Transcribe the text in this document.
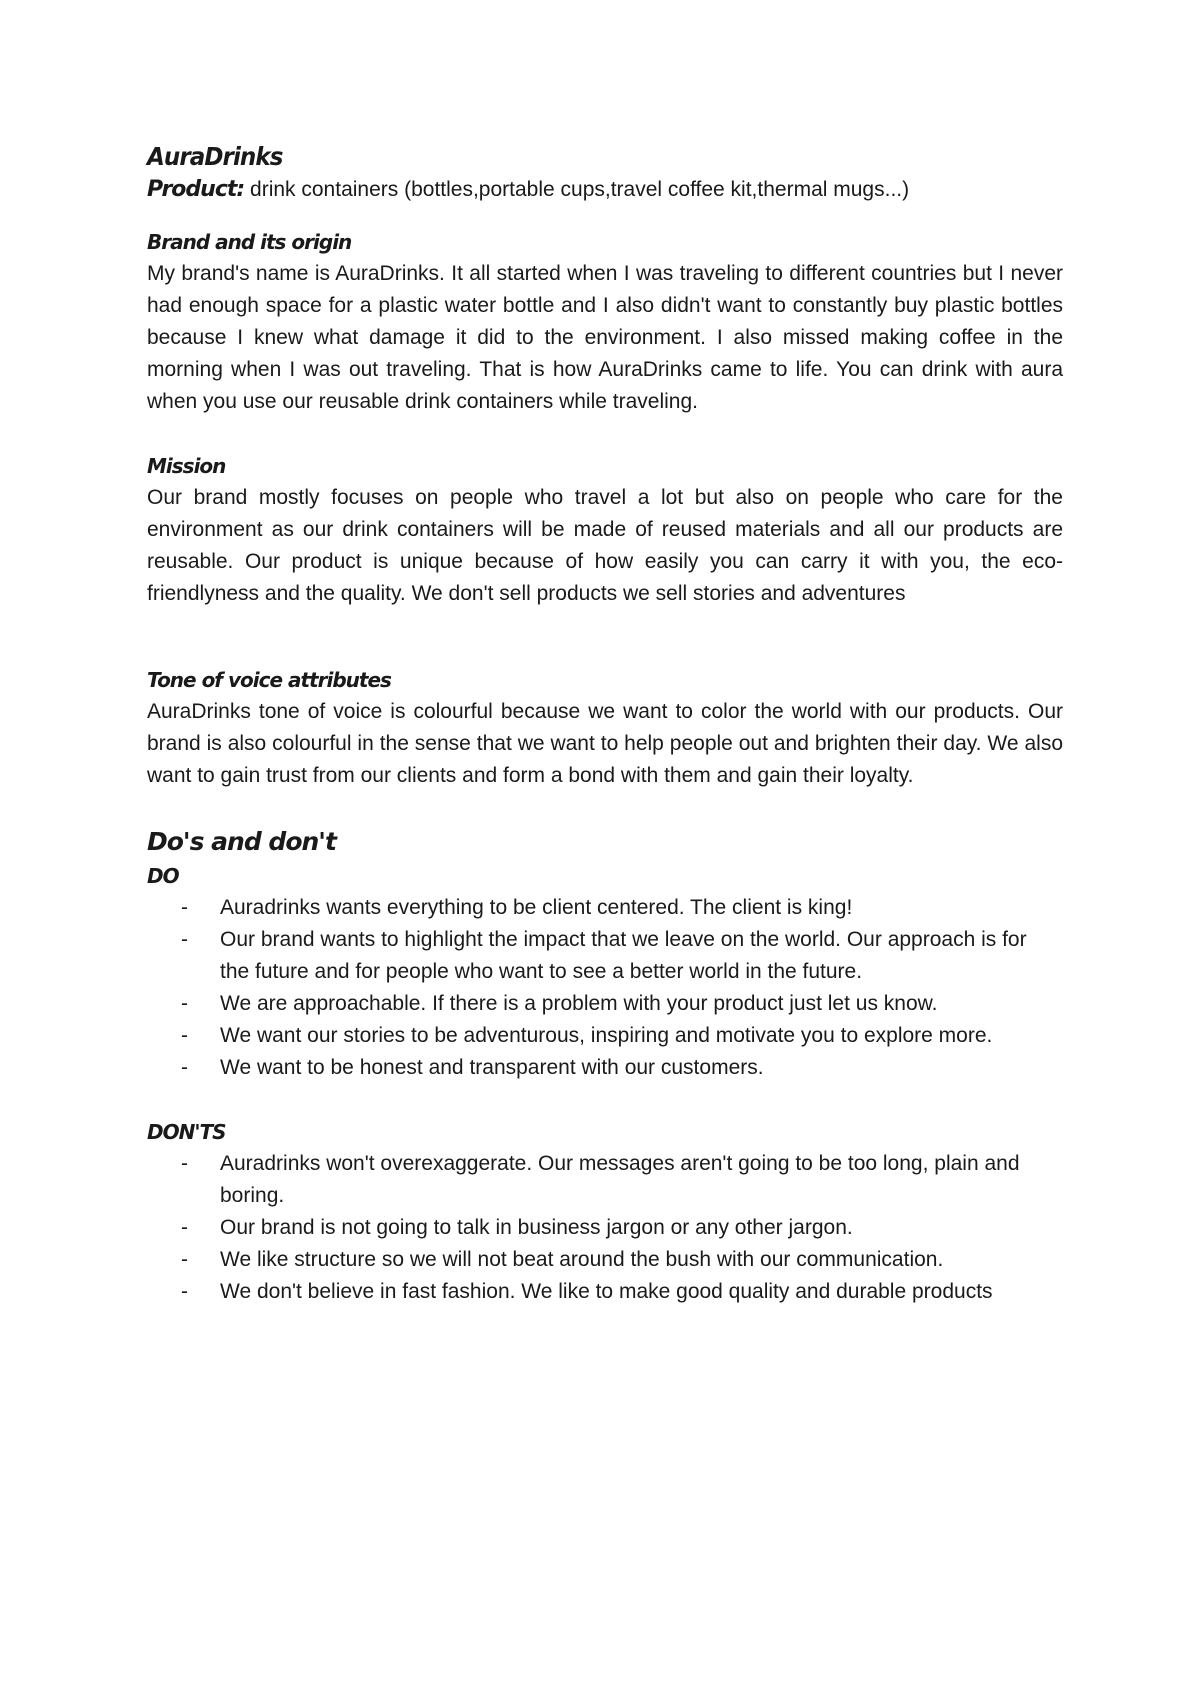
AuraDrinks

Product: drink containers (bottles,portable cups,travel coffee kit,thermal mugs...)

Brand and its origin

My brand's name is AuraDrinks. It all started when I was traveling to different countries but I never had enough space for a plastic water bottle and I also didn't want to constantly buy plastic bottles because I knew what damage it did to the environment. I also missed making coffee in the morning when I was out traveling. That is how AuraDrinks came to life. You can drink with aura when you use our reusable drink containers while traveling.

Mission

Our brand mostly focuses on people who travel a lot but also on people who care for the environment as our drink containers will be made of reused materials and all our products are reusable. Our product is unique because of how easily you can carry it with you, the eco-friendlyness and the quality. We don't sell products we sell stories and adventures

Tone of voice attributes

AuraDrinks tone of voice is colourful because we want to color the world with our products. Our brand is also colourful in the sense that we want to help people out and brighten their day. We also want to gain trust from our clients and form a bond with them and gain their loyalty.

Do's and don't
DO
- Auradrinks wants everything to be client centered. The client is king!
- Our brand wants to highlight the impact that we leave on the world. Our approach is for the future and for people who want to see a better world in the future.
- We are approachable. If there is a problem with your product just let us know.
- We want our stories to be adventurous, inspiring and motivate you to explore more.
- We want to be honest and transparent with our customers.
DON'TS
- Auradrinks won't overexaggerate. Our messages aren't going to be too long, plain and boring.
- Our brand is not going to talk in business jargon or any other jargon.
- We like structure so we will not beat around the bush with our communication.
- We don't believe in fast fashion. We like to make good quality and durable products
